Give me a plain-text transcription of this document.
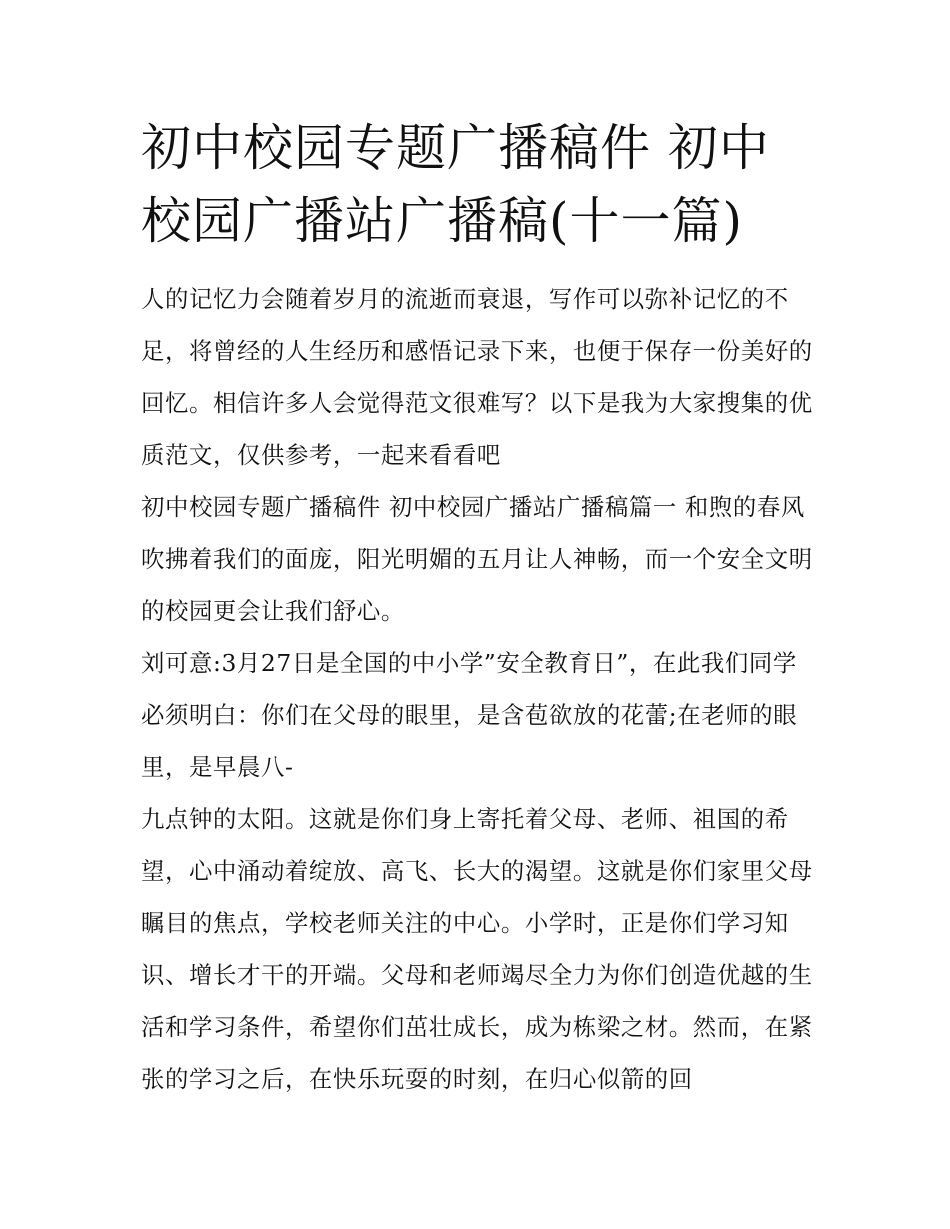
初中校园专题广播稿件 初中校园广播站广播稿(十一篇)

人的记忆力会随着岁月的流逝而衰退，写作可以弥补记忆的不足，将曾经的人生经历和感悟记录下来，也便于保存一份美好的回忆。相信许多人会觉得范文很难写？以下是我为大家搜集的优质范文，仅供参考，一起来看看吧

初中校园专题广播稿件 初中校园广播站广播稿篇一 和煦的春风吹拂着我们的面庞，阳光明媚的五月让人神畅，而一个安全文明的校园更会让我们舒心。

刘可意:3月27日是全国的中小学”安全教育日”，在此我们同学必须明白：你们在父母的眼里，是含苞欲放的花蕾;在老师的眼里，是早晨八-

九点钟的太阳。这就是你们身上寄托着父母、老师、祖国的希望，心中涌动着绽放、高飞、长大的渴望。这就是你们家里父母瞩目的焦点，学校老师关注的中心。小学时，正是你们学习知识、增长才干的开端。父母和老师竭尽全力为你们创造优越的生活和学习条件，希望你们茁壮成长，成为栋梁之材。然而，在紧张的学习之后，在快乐玩耍的时刻，在归心似箭的回
